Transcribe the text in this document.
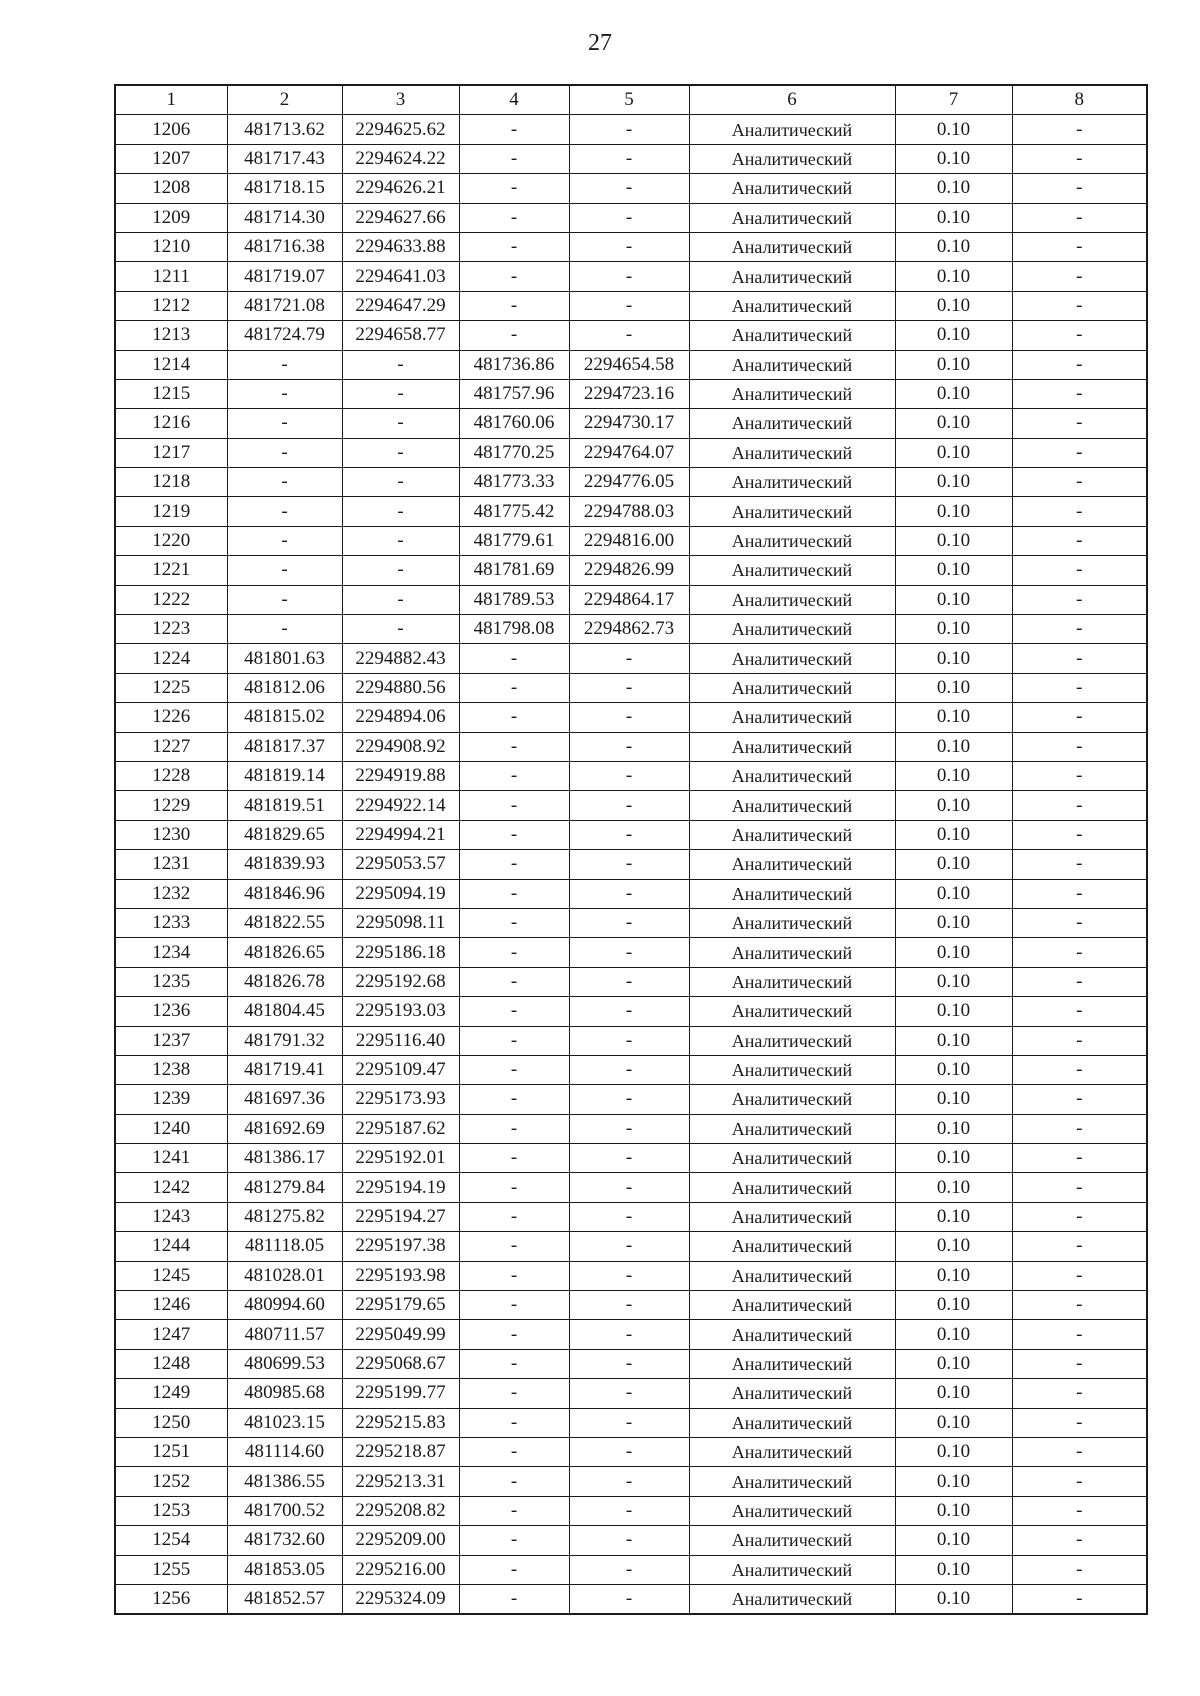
27
1	2	3	4	5	6	7	8
1206	481713.62	2294625.62	-	-	Аналитический	0.10	-
1207	481717.43	2294624.22	-	-	Аналитический	0.10	-
1208	481718.15	2294626.21	-	-	Аналитический	0.10	-
1209	481714.30	2294627.66	-	-	Аналитический	0.10	-
1210	481716.38	2294633.88	-	-	Аналитический	0.10	-
1211	481719.07	2294641.03	-	-	Аналитический	0.10	-
1212	481721.08	2294647.29	-	-	Аналитический	0.10	-
1213	481724.79	2294658.77	-	-	Аналитический	0.10	-
1214	-	-	481736.86	2294654.58	Аналитический	0.10	-
1215	-	-	481757.96	2294723.16	Аналитический	0.10	-
1216	-	-	481760.06	2294730.17	Аналитический	0.10	-
1217	-	-	481770.25	2294764.07	Аналитический	0.10	-
1218	-	-	481773.33	2294776.05	Аналитический	0.10	-
1219	-	-	481775.42	2294788.03	Аналитический	0.10	-
1220	-	-	481779.61	2294816.00	Аналитический	0.10	-
1221	-	-	481781.69	2294826.99	Аналитический	0.10	-
1222	-	-	481789.53	2294864.17	Аналитический	0.10	-
1223	-	-	481798.08	2294862.73	Аналитический	0.10	-
1224	481801.63	2294882.43	-	-	Аналитический	0.10	-
1225	481812.06	2294880.56	-	-	Аналитический	0.10	-
1226	481815.02	2294894.06	-	-	Аналитический	0.10	-
1227	481817.37	2294908.92	-	-	Аналитический	0.10	-
1228	481819.14	2294919.88	-	-	Аналитический	0.10	-
1229	481819.51	2294922.14	-	-	Аналитический	0.10	-
1230	481829.65	2294994.21	-	-	Аналитический	0.10	-
1231	481839.93	2295053.57	-	-	Аналитический	0.10	-
1232	481846.96	2295094.19	-	-	Аналитический	0.10	-
1233	481822.55	2295098.11	-	-	Аналитический	0.10	-
1234	481826.65	2295186.18	-	-	Аналитический	0.10	-
1235	481826.78	2295192.68	-	-	Аналитический	0.10	-
1236	481804.45	2295193.03	-	-	Аналитический	0.10	-
1237	481791.32	2295116.40	-	-	Аналитический	0.10	-
1238	481719.41	2295109.47	-	-	Аналитический	0.10	-
1239	481697.36	2295173.93	-	-	Аналитический	0.10	-
1240	481692.69	2295187.62	-	-	Аналитический	0.10	-
1241	481386.17	2295192.01	-	-	Аналитический	0.10	-
1242	481279.84	2295194.19	-	-	Аналитический	0.10	-
1243	481275.82	2295194.27	-	-	Аналитический	0.10	-
1244	481118.05	2295197.38	-	-	Аналитический	0.10	-
1245	481028.01	2295193.98	-	-	Аналитический	0.10	-
1246	480994.60	2295179.65	-	-	Аналитический	0.10	-
1247	480711.57	2295049.99	-	-	Аналитический	0.10	-
1248	480699.53	2295068.67	-	-	Аналитический	0.10	-
1249	480985.68	2295199.77	-	-	Аналитический	0.10	-
1250	481023.15	2295215.83	-	-	Аналитический	0.10	-
1251	481114.60	2295218.87	-	-	Аналитический	0.10	-
1252	481386.55	2295213.31	-	-	Аналитический	0.10	-
1253	481700.52	2295208.82	-	-	Аналитический	0.10	-
1254	481732.60	2295209.00	-	-	Аналитический	0.10	-
1255	481853.05	2295216.00	-	-	Аналитический	0.10	-
1256	481852.57	2295324.09	-	-	Аналитический	0.10	-
